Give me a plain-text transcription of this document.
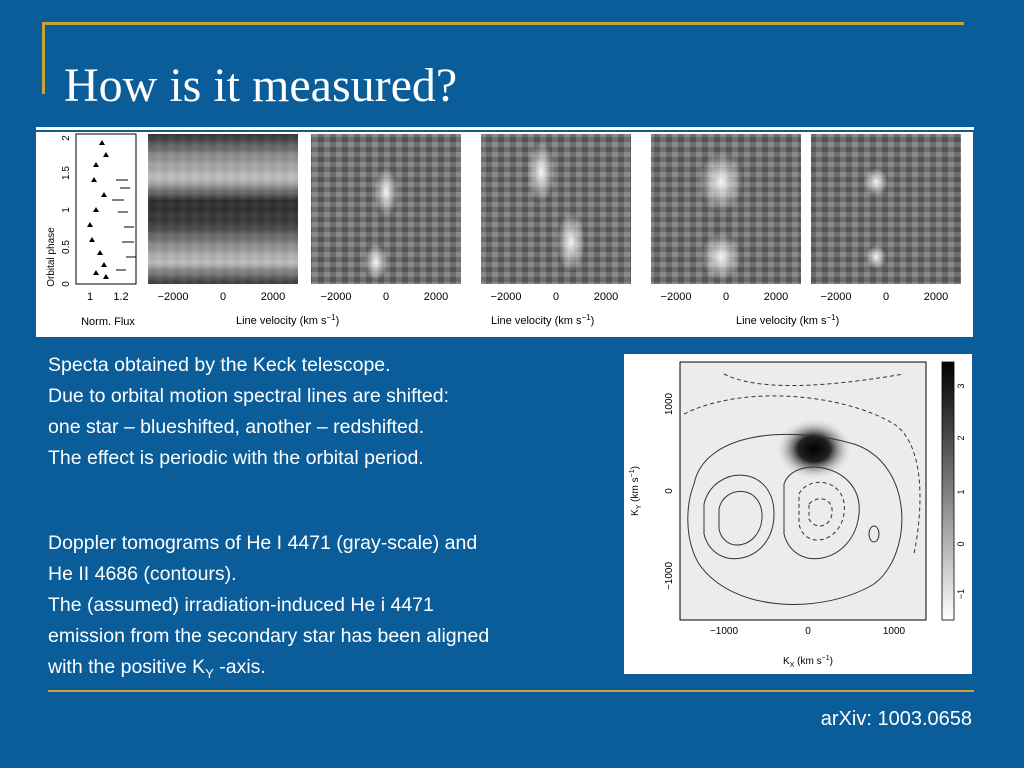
How is it measured?
Orbital phase 0
0.5
1
1.5
2
1 1.2
Norm. Flux
−2000	0	2000	−2000	0	2000	−2000	0	2000	−2000	0	2000	−2000	0	2000
Line velocity (km $s^{-1}$)	Line velocity (km $s^{-1}$)	Line velocity (km $s^{-1}$)

Specta obtained by the Keck telescope.

Due to orbital motion spectral lines are shifted:

one star – blueshifted, another – redshifted.

The effect is periodic with the orbital period.

Doppler tomograms of He I 4471 (gray-scale) and

He II 4686 (contours).

The (assumed) irradiation-induced He i 4471

emission from the secondary star has been aligned

with the positive $K_Y$ -axis.

−1
0
1
2
3
−1000	0	1000
−1000
0
1000
$K_X$ (km $s^{-1}$)
$K_Y$ (km $s^{-1}$)
arXiv: 1003.0658
